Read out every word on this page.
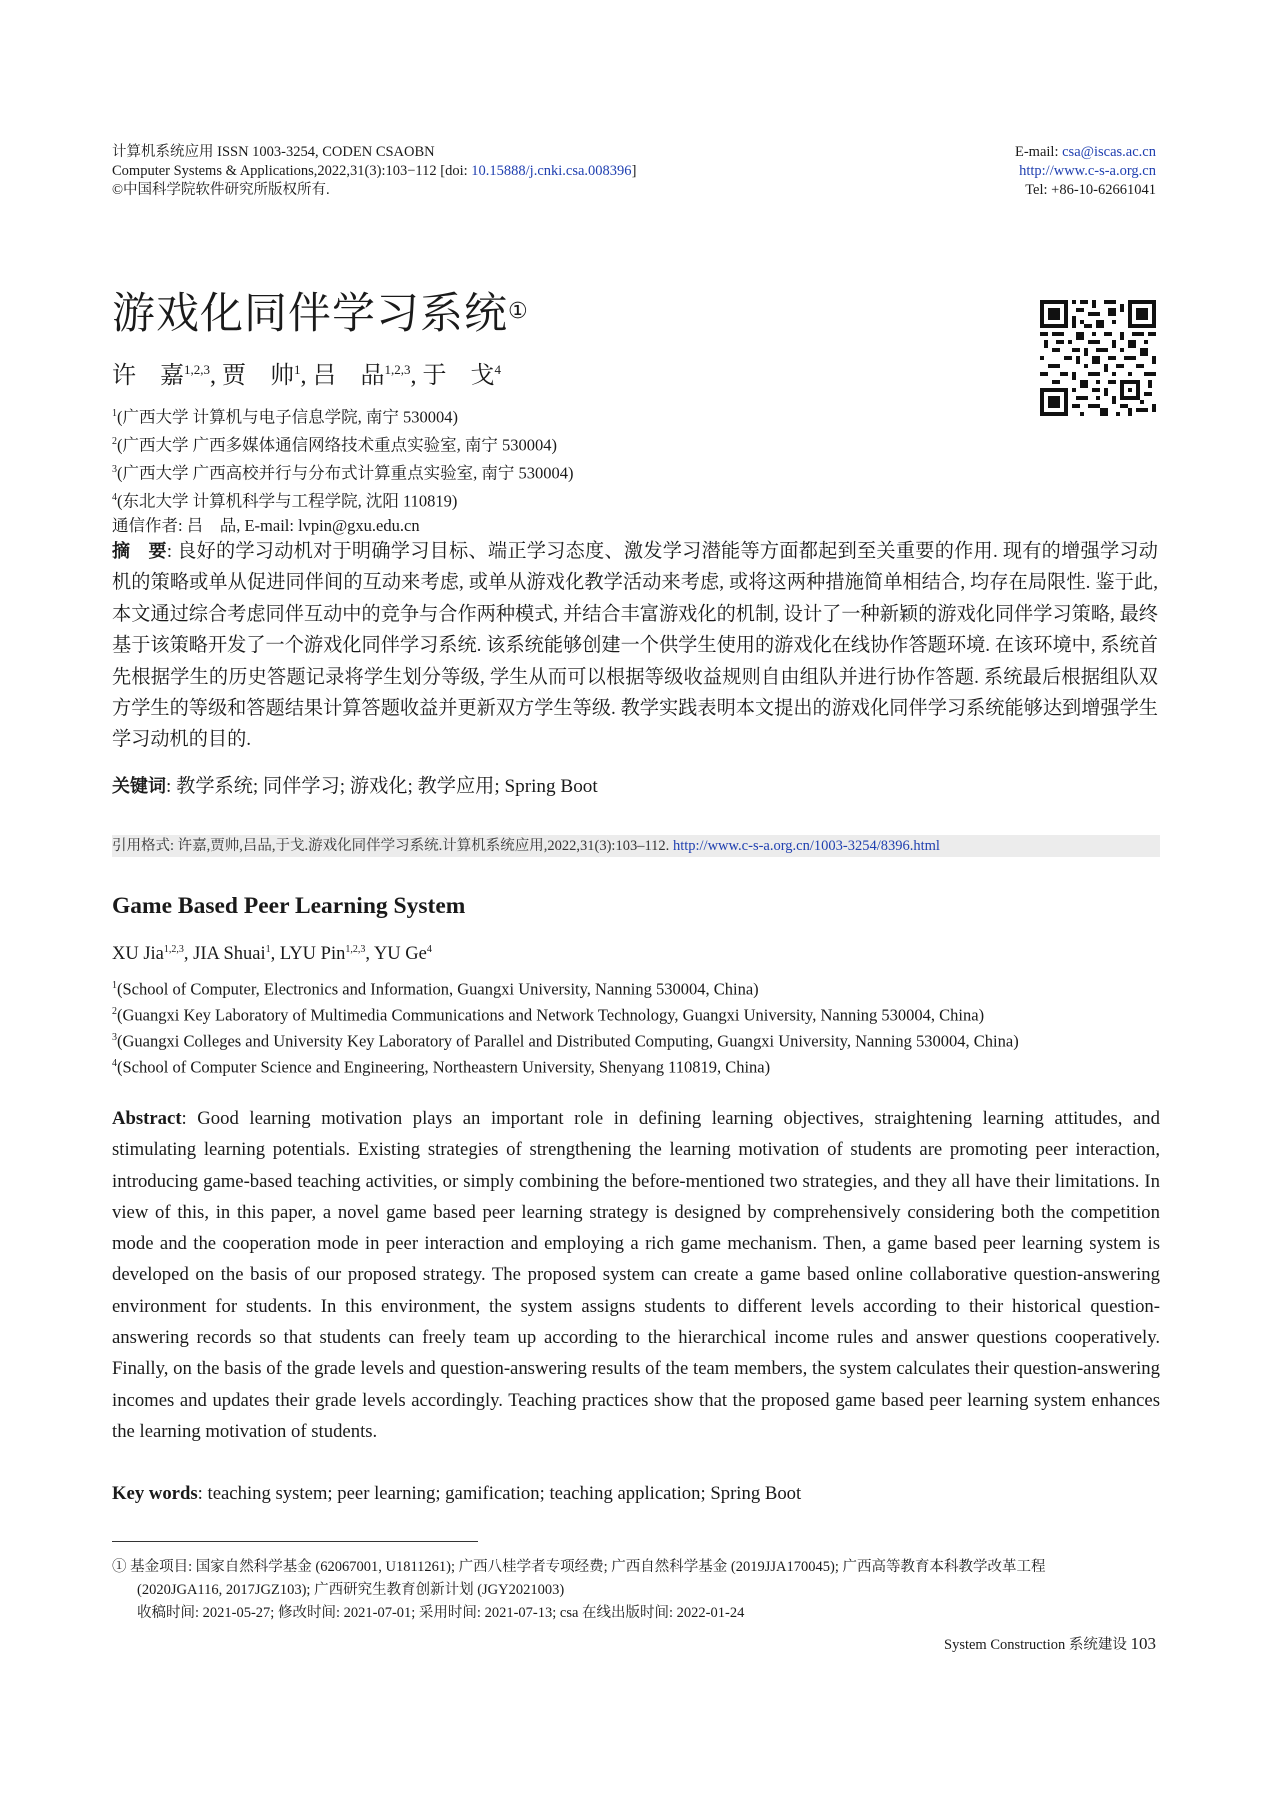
计算机系统应用 ISSN 1003-3254, CODEN CSAOBN
Computer Systems & Applications,2022,31(3):103−112 [doi: 10.15888/j.cnki.csa.008396]
©中国科学院软件研究所版权所有.
E-mail: csa@iscas.ac.cn
http://www.c-s-a.org.cn
Tel: +86-10-62661041
游戏化同伴学习系统①
许　嘉$^{1,2,3}$, 贾　帅$^1$, 吕　品$^{1,2,3}$, 于　戈$^4$
$^1$(广西大学 计算机与电子信息学院, 南宁 530004)
$^2$(广西大学 广西多媒体通信网络技术重点实验室, 南宁 530004)
$^3$(广西大学 广西高校并行与分布式计算重点实验室, 南宁 530004)
$^4$(东北大学 计算机科学与工程学院, 沈阳 110819)
通信作者: 吕　品, E-mail: lvpin@gxu.edu.cn
摘　要: 良好的学习动机对于明确学习目标、端正学习态度、激发学习潜能等方面都起到至关重要的作用. 现有的增强学习动机的策略或单从促进同伴间的互动来考虑, 或单从游戏化教学活动来考虑, 或将这两种措施简单相结合, 均存在局限性. 鉴于此, 本文通过综合考虑同伴互动中的竞争与合作两种模式, 并结合丰富游戏化的机制, 设计了一种新颖的游戏化同伴学习策略, 最终基于该策略开发了一个游戏化同伴学习系统. 该系统能够创建一个供学生使用的游戏化在线协作答题环境. 在该环境中, 系统首先根据学生的历史答题记录将学生划分等级, 学生从而可以根据等级收益规则自由组队并进行协作答题. 系统最后根据组队双方学生的等级和答题结果计算答题收益并更新双方学生等级. 教学实践表明本文提出的游戏化同伴学习系统能够达到增强学生学习动机的目的.
关键词: 教学系统; 同伴学习; 游戏化; 教学应用; Spring Boot
引用格式: 许嘉,贾帅,吕品,于戈.游戏化同伴学习系统.计算机系统应用,2022,31(3):103–112. http://www.c-s-a.org.cn/1003-3254/8396.html
Game Based Peer Learning System
XU Jia$^{1,2,3}$, JIA Shuai$^1$, LYU Pin$^{1,2,3}$, YU Ge$^4$
$^1$(School of Computer, Electronics and Information, Guangxi University, Nanning 530004, China)
$^2$(Guangxi Key Laboratory of Multimedia Communications and Network Technology, Guangxi University, Nanning 530004, China)
$^3$(Guangxi Colleges and University Key Laboratory of Parallel and Distributed Computing, Guangxi University, Nanning 530004, China)
$^4$(School of Computer Science and Engineering, Northeastern University, Shenyang 110819, China)
Abstract: Good learning motivation plays an important role in defining learning objectives, straightening learning attitudes, and stimulating learning potentials. Existing strategies of strengthening the learning motivation of students are promoting peer interaction, introducing game-based teaching activities, or simply combining the before-mentioned two strategies, and they all have their limitations. In view of this, in this paper, a novel game based peer learning strategy is designed by comprehensively considering both the competition mode and the cooperation mode in peer interaction and employing a rich game mechanism. Then, a game based peer learning system is developed on the basis of our proposed strategy. The proposed system can create a game based online collaborative question-answering environment for students. In this environment, the system assigns students to different levels according to their historical question-answering records so that students can freely team up according to the hierarchical income rules and answer questions cooperatively. Finally, on the basis of the grade levels and question-answering results of the team members, the system calculates their question-answering incomes and updates their grade levels accordingly. Teaching practices show that the proposed game based peer learning system enhances the learning motivation of students.
Key words: teaching system; peer learning; gamification; teaching application; Spring Boot
① 基金项目: 国家自然科学基金 (62067001, U1811261); 广西八桂学者专项经费; 广西自然科学基金 (2019JJA170045); 广西高等教育本科教学改革工程
(2020JGA116, 2017JGZ103); 广西研究生教育创新计划 (JGY2021003)
收稿时间: 2021-05-27; 修改时间: 2021-07-01; 采用时间: 2021-07-13; csa 在线出版时间: 2022-01-24
System Construction 系统建设 103
